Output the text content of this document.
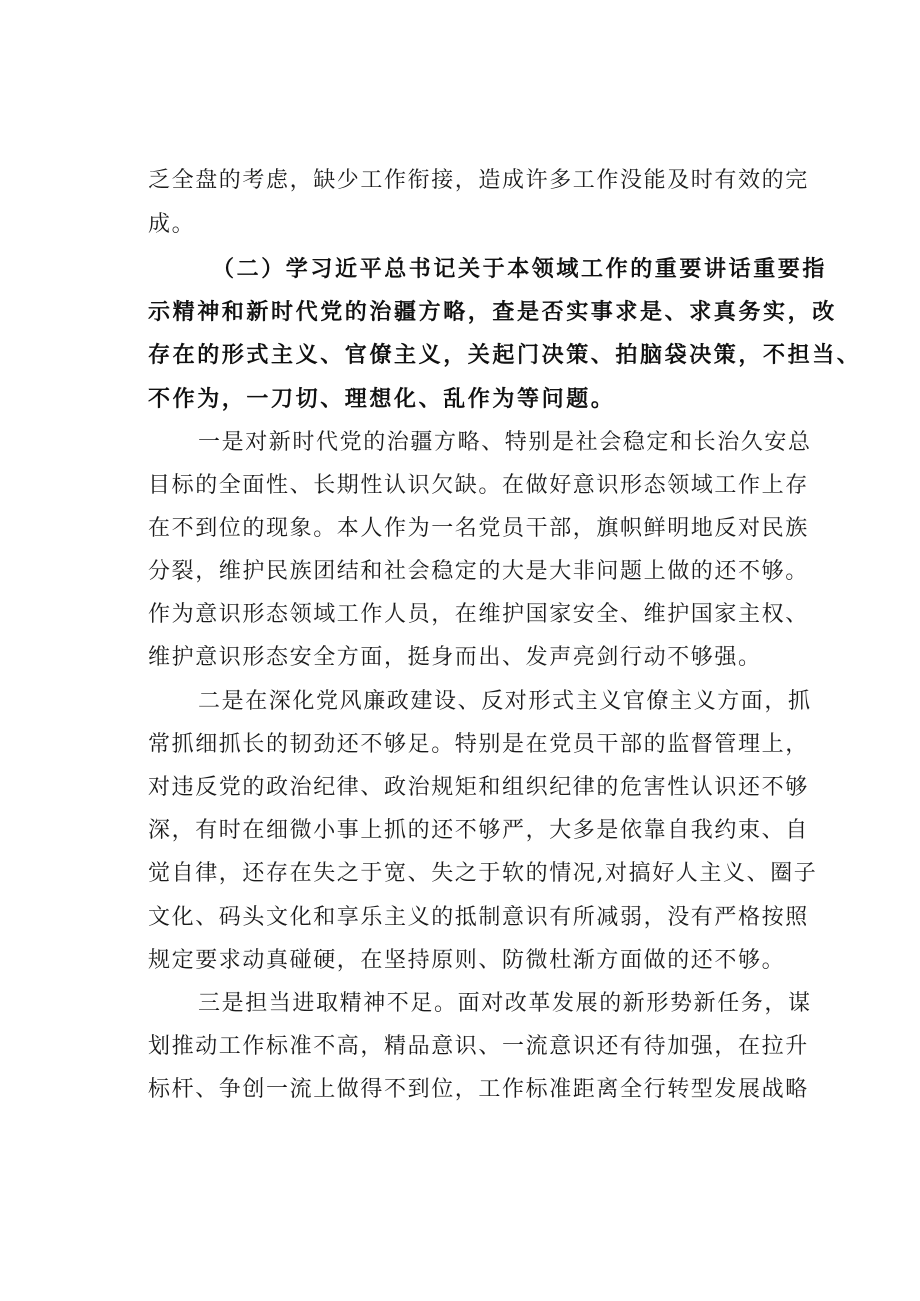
乏全盘的考虑，缺少工作衔接，造成许多工作没能及时有效的完
成。
（二）学习近平总书记关于本领域工作的重要讲话重要指
示精神和新时代党的治疆方略，查是否实事求是、求真务实，改
存在的形式主义、官僚主义，关起门决策、拍脑袋决策，不担当、
不作为，一刀切、理想化、乱作为等问题。
一是对新时代党的治疆方略、特别是社会稳定和长治久安总
目标的全面性、长期性认识欠缺。在做好意识形态领域工作上存
在不到位的现象。本人作为一名党员干部，旗帜鲜明地反对民族
分裂，维护民族团结和社会稳定的大是大非问题上做的还不够。
作为意识形态领域工作人员，在维护国家安全、维护国家主权、
维护意识形态安全方面，挺身而出、发声亮剑行动不够强。
二是在深化党风廉政建设、反对形式主义官僚主义方面，抓
常抓细抓长的韧劲还不够足。特别是在党员干部的监督管理上，
对违反党的政治纪律、政治规矩和组织纪律的危害性认识还不够
深，有时在细微小事上抓的还不够严，大多是依靠自我约束、自
觉自律，还存在失之于宽、失之于软的情况,对搞好人主义、圈子
文化、码头文化和享乐主义的抵制意识有所减弱，没有严格按照
规定要求动真碰硬，在坚持原则、防微杜渐方面做的还不够。
三是担当进取精神不足。面对改革发展的新形势新任务，谋
划推动工作标准不高，精品意识、一流意识还有待加强，在拉升
标杆、争创一流上做得不到位，工作标准距离全行转型发展战略
